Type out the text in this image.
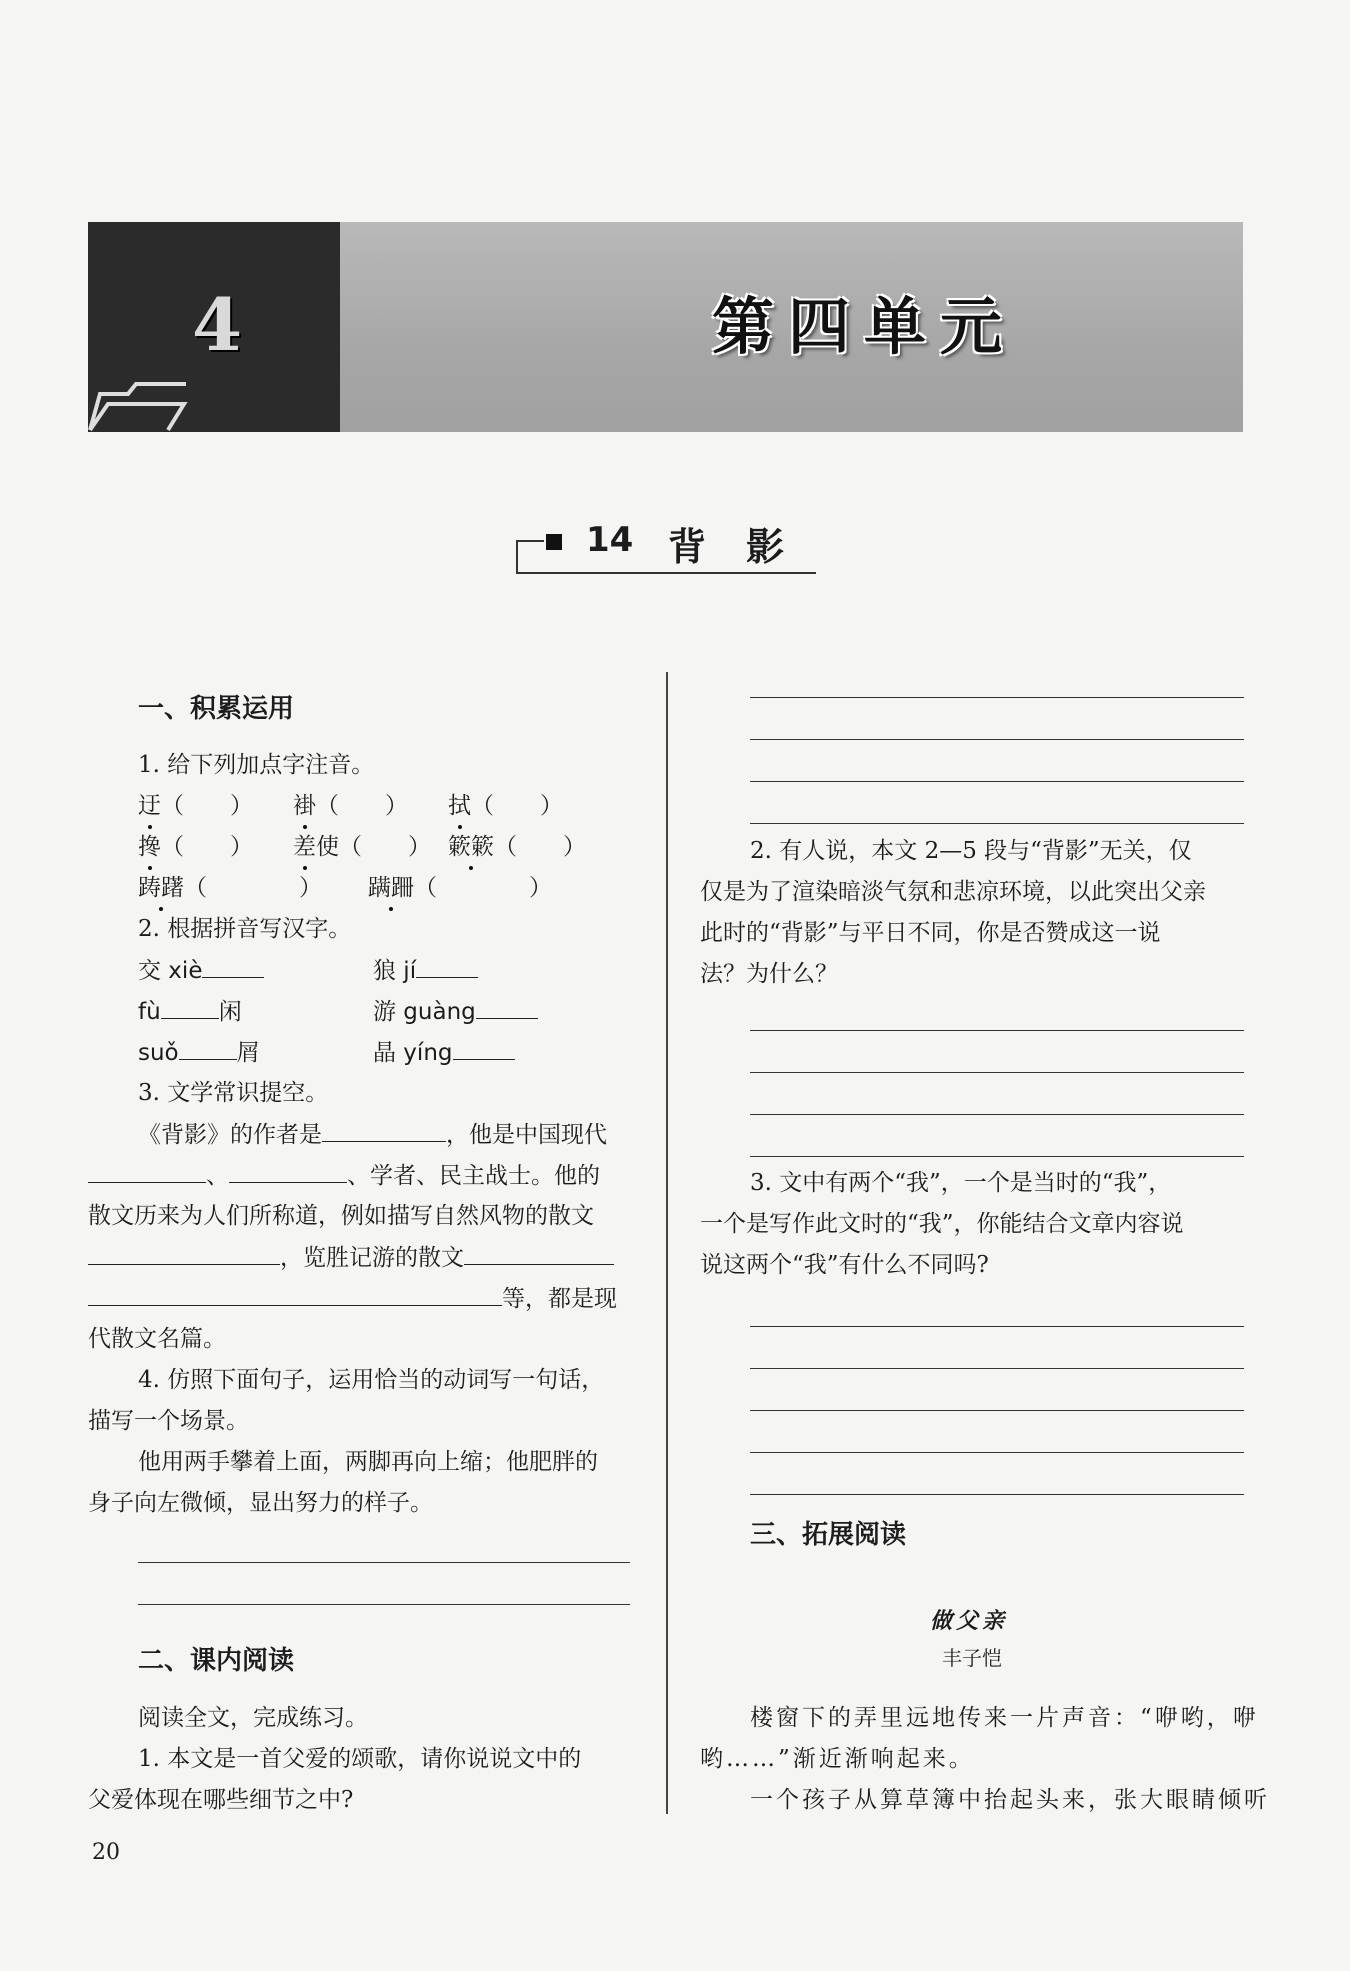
4	第四单元
14 背影
一、积累运用
1. 给下列加点字注音。
迂（　　） 褂（　　） 拭（　　）
搀（　　） 差使（　　） 簌簌（　　）
踌躇（　　　　） 蹒跚（　　　　）
2. 根据拼音写汉字。
交 xiè	狼 jí
fù	闲	游 guàng
suǒ	屑	晶 yíng
3. 文学常识提空。
《背影》的作者是	，他是中国现代
、	、学者、民主战士。他的
散文历来为人们所称道，例如描写自然风物的散文
，览胜记游的散文
等，都是现
代散文名篇。
4. 仿照下面句子，运用恰当的动词写一句话，
描写一个场景。
他用两手攀着上面，两脚再向上缩；他肥胖的
身子向左微倾，显出努力的样子。
二、课内阅读
阅读全文，完成练习。
1. 本文是一首父爱的颂歌，请你说说文中的
父爱体现在哪些细节之中?
2. 有人说，本文 2—5 段与“背影”无关，仅
仅是为了渲染暗淡气氛和悲凉环境，以此突出父亲
此时的“背影”与平日不同，你是否赞成这一说
法？为什么？
3. 文中有两个“我”，一个是当时的“我”，
一个是写作此文时的“我”，你能结合文章内容说
说这两个“我”有什么不同吗?
三、拓展阅读
做父亲
丰子恺
楼窗下的弄里远地传来一片声音：“咿哟，咿
哟……”渐近渐响起来。
一个孩子从算草簿中抬起头来，张大眼睛倾听
20
